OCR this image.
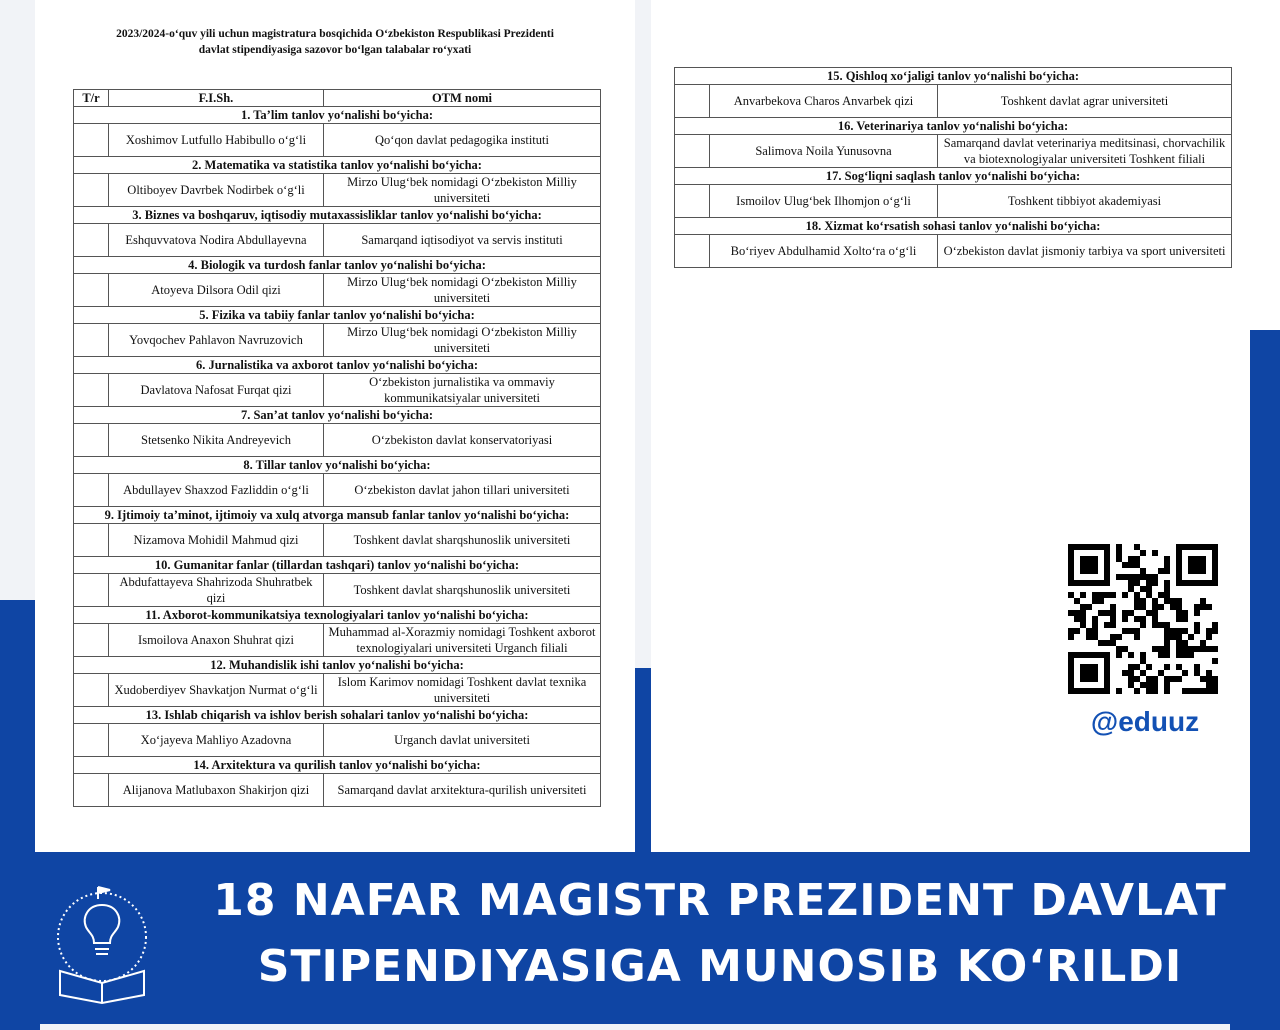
2023/2024-o‘quv yili uchun magistratura bosqichida O‘zbekiston Respublikasi Prezidenti
davlat stipendiyasiga sazovor bo‘lgan talabalar ro‘yxati
T/r	F.I.Sh.	OTM nomi
1. Ta’lim tanlov yo‘nalishi bo‘yicha:		
	Xoshimov Lutfullo Habibullo o‘g‘li	Qo‘qon davlat pedagogika instituti
2. Matematika va statistika tanlov yo‘nalishi bo‘yicha:		
	Oltiboyev Davrbek Nodirbek o‘g‘li	Mirzo Ulug‘bek nomidagi O‘zbekiston Milliy universiteti
3. Biznes va boshqaruv, iqtisodiy mutaxassisliklar tanlov yo‘nalishi bo‘yicha:		
	Eshquvvatova Nodira Abdullayevna	Samarqand iqtisodiyot va servis instituti
4. Biologik va turdosh fanlar tanlov yo‘nalishi bo‘yicha:		
	Atoyeva Dilsora Odil qizi	Mirzo Ulug‘bek nomidagi O‘zbekiston Milliy universiteti
5. Fizika va tabiiy fanlar tanlov yo‘nalishi bo‘yicha:		
	Yovqochev Pahlavon Navruzovich	Mirzo Ulug‘bek nomidagi O‘zbekiston Milliy universiteti
6. Jurnalistika va axborot tanlov yo‘nalishi bo‘yicha:		
	Davlatova Nafosat Furqat qizi	O‘zbekiston jurnalistika va ommaviy kommunikatsiyalar universiteti
7. San’at tanlov yo‘nalishi bo‘yicha:		
	Stetsenko Nikita Andreyevich	O‘zbekiston davlat konservatoriyasi
8. Tillar tanlov yo‘nalishi bo‘yicha:		
	Abdullayev Shaxzod Fazliddin o‘g‘li	O‘zbekiston davlat jahon tillari universiteti
9. Ijtimoiy ta’minot, ijtimoiy va xulq atvorga mansub fanlar tanlov yo‘nalishi bo‘yicha:		
	Nizamova Mohidil Mahmud qizi	Toshkent davlat sharqshunoslik universiteti
10. Gumanitar fanlar (tillardan tashqari) tanlov yo‘nalishi bo‘yicha:		
	Abdufattayeva Shahrizoda Shuhratbek qizi	Toshkent davlat sharqshunoslik universiteti
11. Axborot-kommunikatsiya texnologiyalari tanlov yo‘nalishi bo‘yicha:		
	Ismoilova Anaxon Shuhrat qizi	Muhammad al-Xorazmiy nomidagi Toshkent axborot texnologiyalari universiteti Urganch filiali
12. Muhandislik ishi tanlov yo‘nalishi bo‘yicha:		
	Xudoberdiyev Shavkatjon Nurmat o‘g‘li	Islom Karimov nomidagi Toshkent davlat texnika universiteti
13. Ishlab chiqarish va ishlov berish sohalari tanlov yo‘nalishi bo‘yicha:		
	Xo‘jayeva Mahliyo Azadovna	Urganch davlat universiteti
14. Arxitektura va qurilish tanlov yo‘nalishi bo‘yicha:		
	Alijanova Matlubaxon Shakirjon qizi	Samarqand davlat arxitektura-qurilish universiteti
15. Qishloq xo‘jaligi tanlov yo‘nalishi bo‘yicha:		
	Anvarbekova Charos Anvarbek qizi	Toshkent davlat agrar universiteti
16. Veterinariya tanlov yo‘nalishi bo‘yicha:		
	Salimova Noila Yunusovna	Samarqand davlat veterinariya meditsinasi, chorvachilik va biotexnologiyalar universiteti Toshkent filiali
17. Sog‘liqni saqlash tanlov yo‘nalishi bo‘yicha:		
	Ismoilov Ulug‘bek Ilhomjon o‘g‘li	Toshkent tibbiyot akademiyasi
18. Xizmat ko‘rsatish sohasi tanlov yo‘nalishi bo‘yicha:		
	Bo‘riyev Abdulhamid Xolto‘ra o‘g‘li	O‘zbekiston davlat jismoniy tarbiya va sport universiteti
@eduuz
18 NAFAR MAGISTR PREZIDENT DAVLAT
STIPENDIYASIGA MUNOSIB KO‘RILDI
